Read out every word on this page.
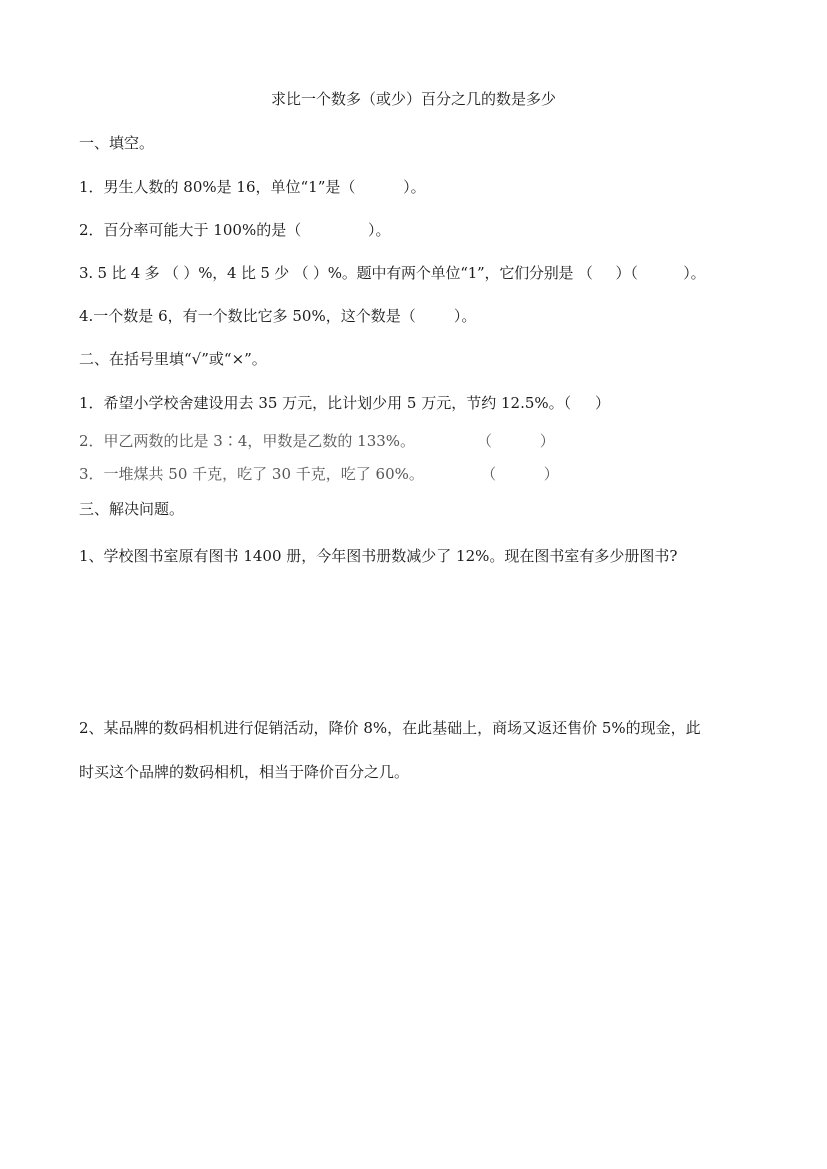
求比一个数多（或少）百分之几的数是多少

一、填空。

1．男生人数的 80%是 16，单位“1”是（          ）。

2．百分率可能大于 100%的是（              ）。

3. 5 比 4 多 （ ）%，4 比 5 少 （ ）%。题中有两个单位“1”，它们分别是 （     ）（          ）。

4.一个数是 6，有一个数比它多 50%，这个数是（        ）。

二、在括号里填“√”或“×”。

1．希望小学校舍建设用去 35 万元，比计划少用 5 万元，节约 12.5%。（     ）

2．甲乙两数的比是 3∶4，甲数是乙数的 133%。             （          ）

3．一堆煤共 50 千克，吃了 30 千克，吃了 60%。            （          ）

三、解决问题。

1、学校图书室原有图书 1400 册，今年图书册数减少了 12%。现在图书室有多少册图书?

2、某品牌的数码相机进行促销活动，降价 8%，在此基础上，商场又返还售价 5%的现金，此

时买这个品牌的数码相机，相当于降价百分之几。
